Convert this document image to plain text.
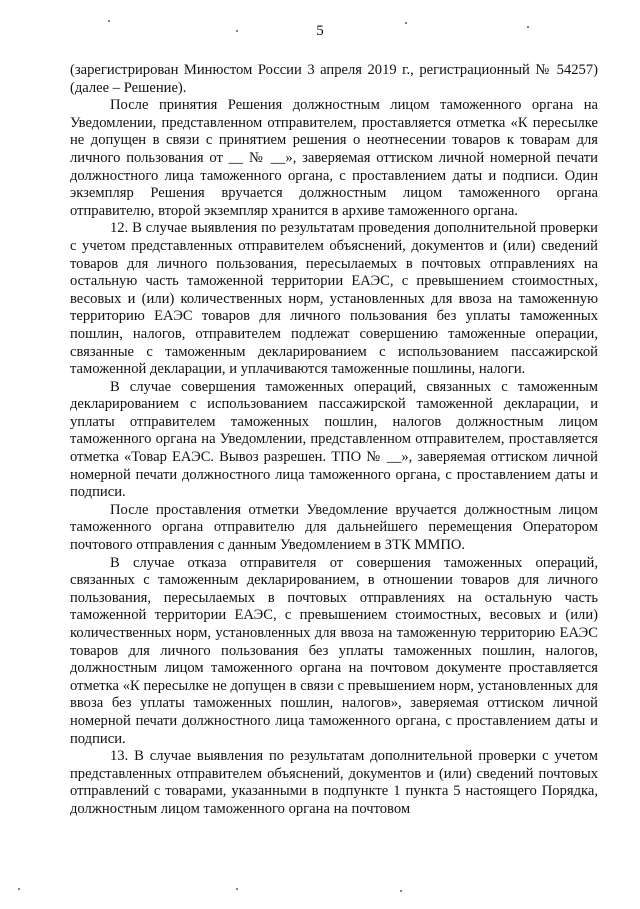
5

(зарегистрирован Минюстом России 3 апреля 2019 г., регистрационный № 54257) (далее – Решение).

После принятия Решения должностным лицом таможенного органа на Уведомлении, представленном отправителем, проставляется отметка «К пересылке не допущен в связи с принятием решения о неотнесении товаров к товарам для личного пользования от __ № __», заверяемая оттиском личной номерной печати должностного лица таможенного органа, с проставлением даты и подписи. Один экземпляр Решения вручается должностным лицом таможенного органа отправителю, второй экземпляр хранится в архиве таможенного органа.

12. В случае выявления по результатам проведения дополнительной проверки с учетом представленных отправителем объяснений, документов и (или) сведений товаров для личного пользования, пересылаемых в почтовых отправлениях на остальную часть таможенной территории ЕАЭС, с превышением стоимостных, весовых и (или) количественных норм, установленных для ввоза на таможенную территорию ЕАЭС товаров для личного пользования без уплаты таможенных пошлин, налогов, отправителем подлежат совершению таможенные операции, связанные с таможенным декларированием с использованием пассажирской таможенной декларации, и уплачиваются таможенные пошлины, налоги.

В случае совершения таможенных операций, связанных с таможенным декларированием с использованием пассажирской таможенной декларации, и уплаты отправителем таможенных пошлин, налогов должностным лицом таможенного органа на Уведомлении, представленном отправителем, проставляется отметка «Товар ЕАЭС. Вывоз разрешен. ТПО № __», заверяемая оттиском личной номерной печати должностного лица таможенного органа, с проставлением даты и подписи.

После проставления отметки Уведомление вручается должностным лицом таможенного органа отправителю для дальнейшего перемещения Оператором почтового отправления с данным Уведомлением в ЗТК ММПО.

В случае отказа отправителя от совершения таможенных операций, связанных с таможенным декларированием, в отношении товаров для личного пользования, пересылаемых в почтовых отправлениях на остальную часть таможенной территории ЕАЭС, с превышением стоимостных, весовых и (или) количественных норм, установленных для ввоза на таможенную территорию ЕАЭС товаров для личного пользования без уплаты таможенных пошлин, налогов, должностным лицом таможенного органа на почтовом документе проставляется отметка «К пересылке не допущен в связи с превышением норм, установленных для ввоза без уплаты таможенных пошлин, налогов», заверяемая оттиском личной номерной печати должностного лица таможенного органа, с проставлением даты и подписи.

13. В случае выявления по результатам дополнительной проверки с учетом представленных отправителем объяснений, документов и (или) сведений почтовых отправлений с товарами, указанными в подпункте 1 пункта 5 настоящего Порядка, должностным лицом таможенного органа на почтовом
